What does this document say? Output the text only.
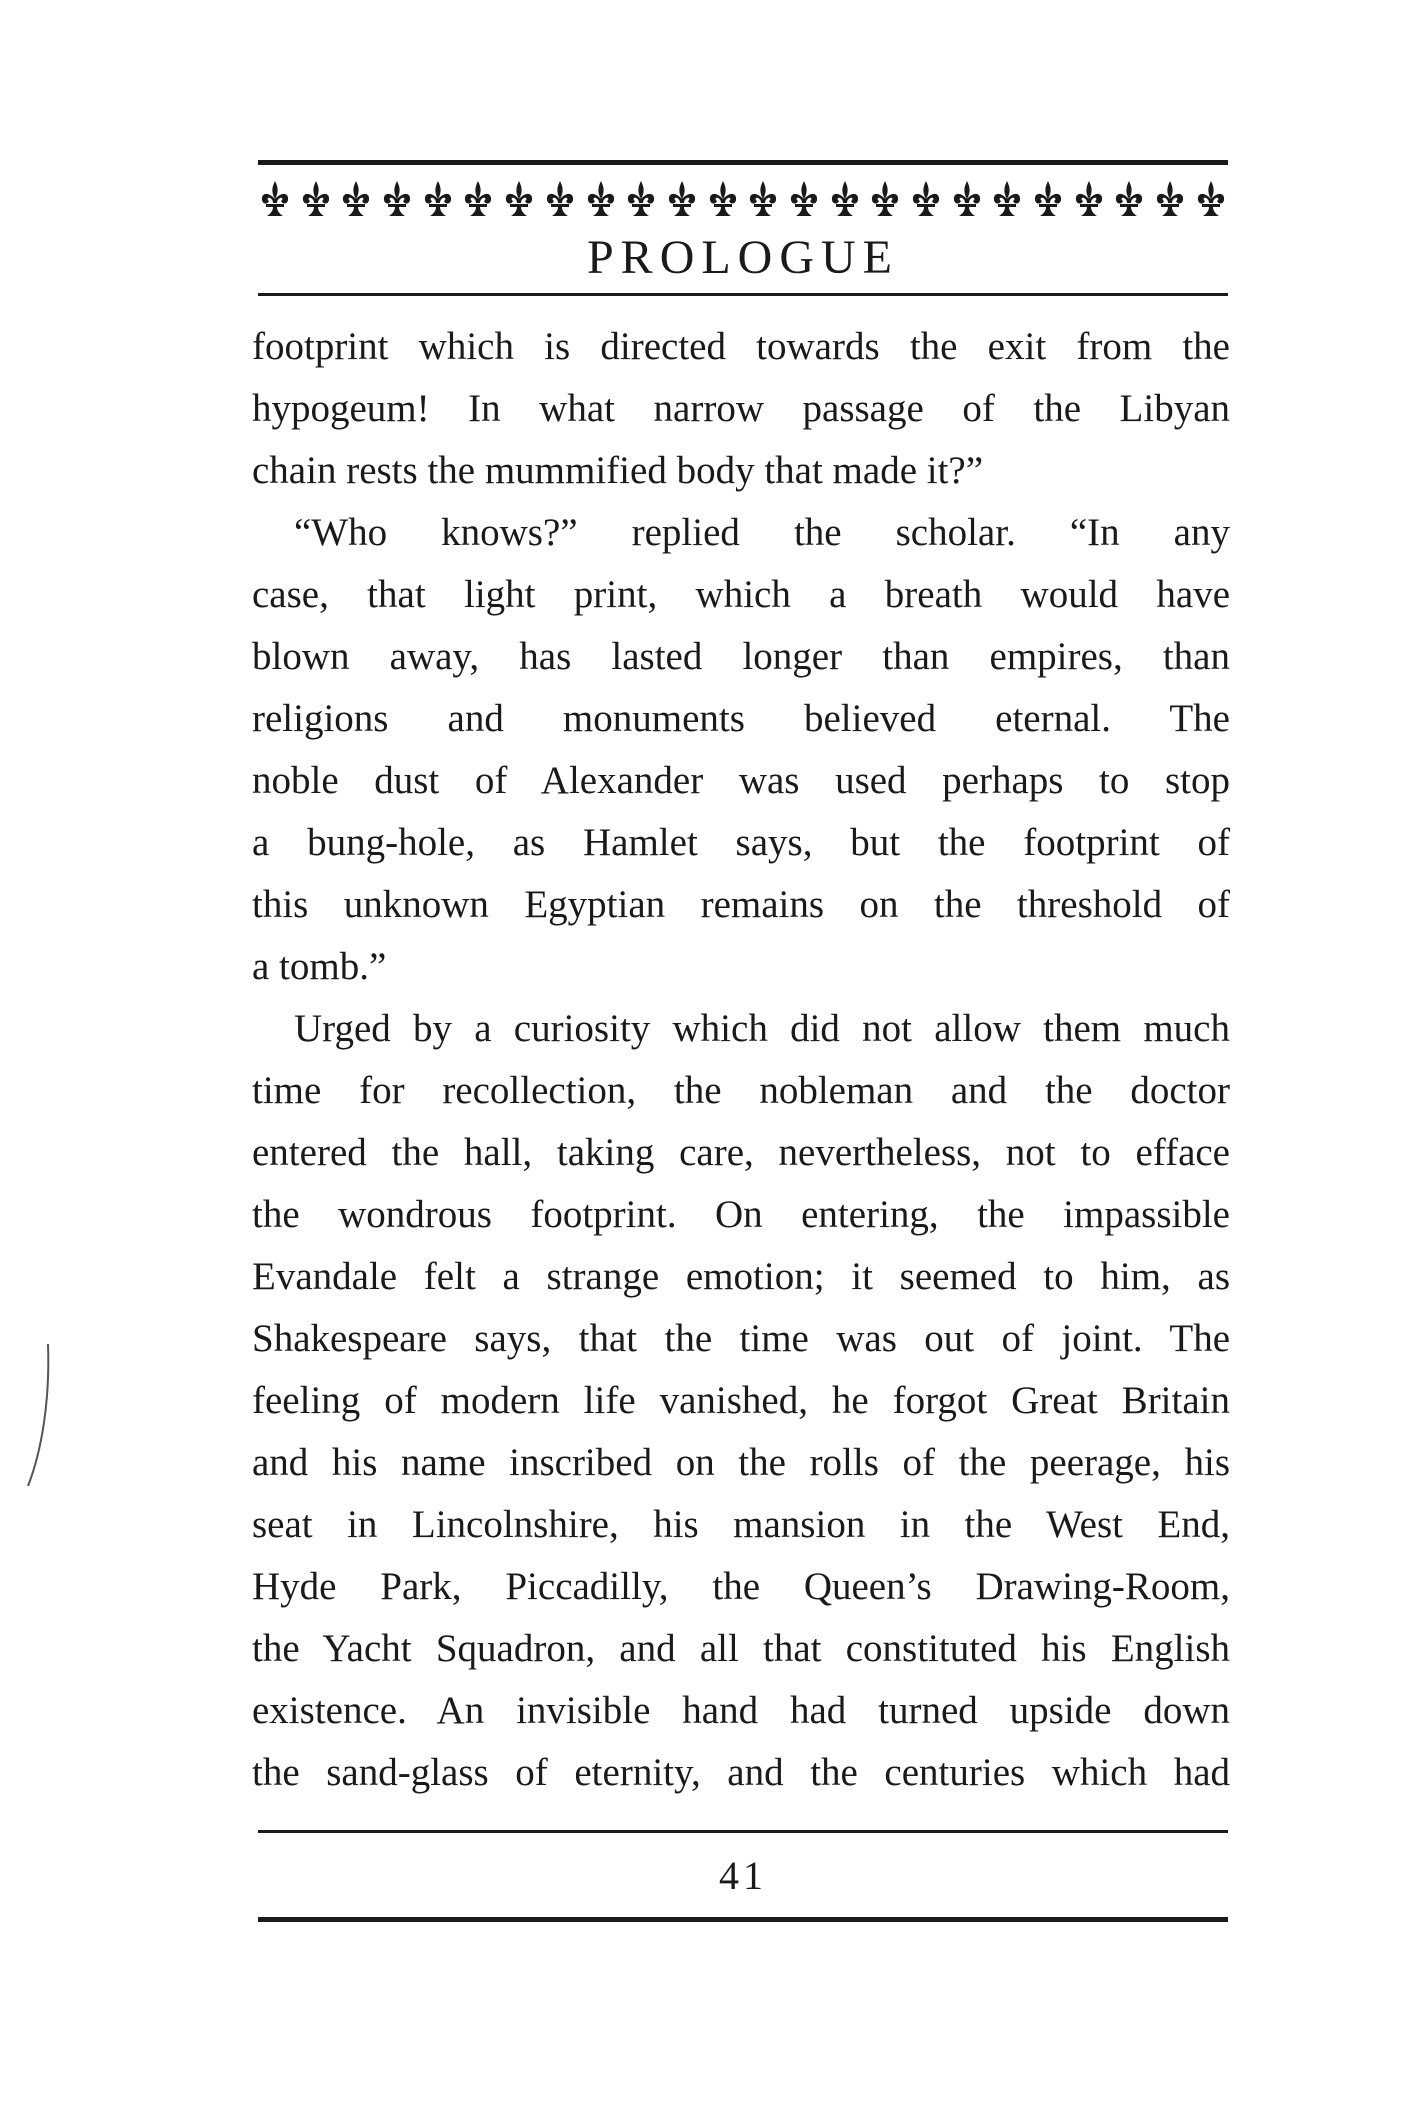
PROLOGUE
footprint which is directed towards the exit from the
hypogeum! In what narrow passage of the Libyan
chain rests the mummified body that made it?”
“Who knows?” replied the scholar. “In any
case, that light print, which a breath would have
blown away, has lasted longer than empires, than
religions and monuments believed eternal. The
noble dust of Alexander was used perhaps to stop
a bung-hole, as Hamlet says, but the footprint of
this unknown Egyptian remains on the threshold of
a tomb.”
Urged by a curiosity which did not allow them much
time for recollection, the nobleman and the doctor
entered the hall, taking care, nevertheless, not to efface
the wondrous footprint. On entering, the impassible
Evandale felt a strange emotion; it seemed to him, as
Shakespeare says, that the time was out of joint. The
feeling of modern life vanished, he forgot Great Britain
and his name inscribed on the rolls of the peerage, his
seat in Lincolnshire, his mansion in the West End,
Hyde Park, Piccadilly, the Queen’s Drawing-Room,
the Yacht Squadron, and all that constituted his English
existence. An invisible hand had turned upside down
the sand-glass of eternity, and the centuries which had
41
